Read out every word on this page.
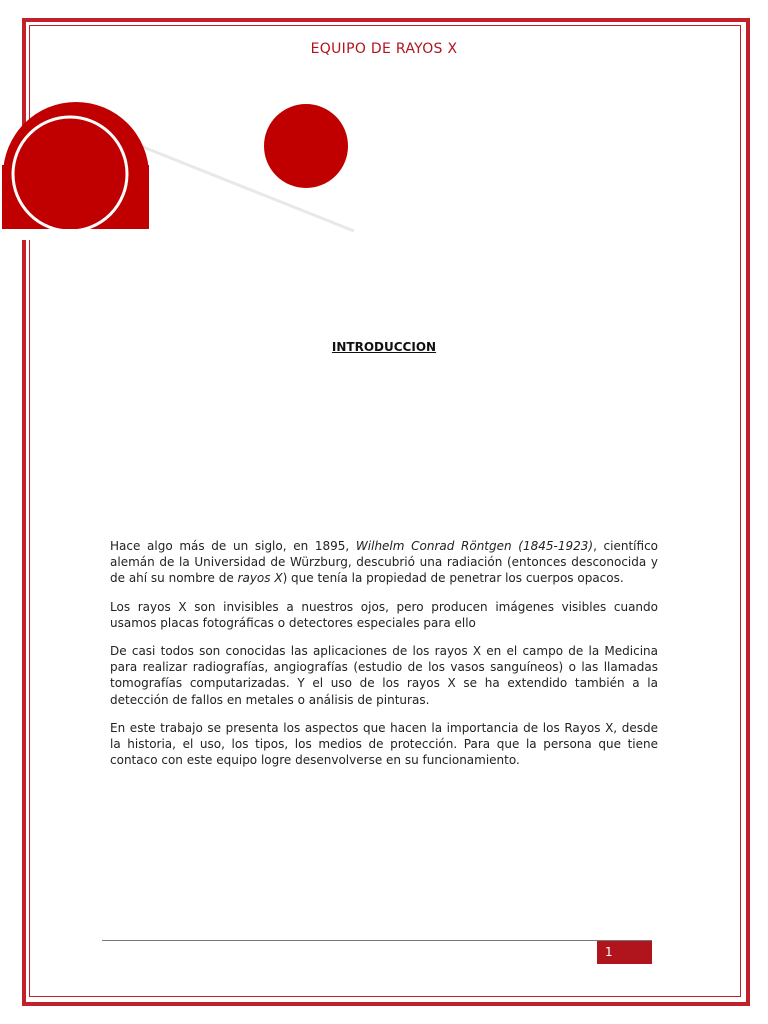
EQUIPO DE RAYOS X
INTRODUCCION

Hace algo más de un siglo, en 1895, Wilhelm Conrad Röntgen (1845-1923), científico alemán de la Universidad de Würzburg, descubrió una radiación (entonces desconocida y de ahí su nombre de rayos X) que tenía la propiedad de penetrar los cuerpos opacos.

Los rayos X son invisibles a nuestros ojos, pero producen imágenes visibles cuando usamos placas fotográficas o detectores especiales para ello

De casi todos son conocidas las aplicaciones de los rayos X en el campo de la Medicina para realizar radiografías, angiografías (estudio de los vasos sanguíneos) o las llamadas tomografías computarizadas. Y el uso de los rayos X se ha extendido también a la detección de fallos en metales o análisis de pinturas.

En este trabajo se presenta los aspectos que hacen la importancia de los Rayos X, desde la historia, el uso, los tipos, los medios de protección. Para que la persona que tiene contaco con este equipo logre desenvolverse en su funcionamiento.

1
